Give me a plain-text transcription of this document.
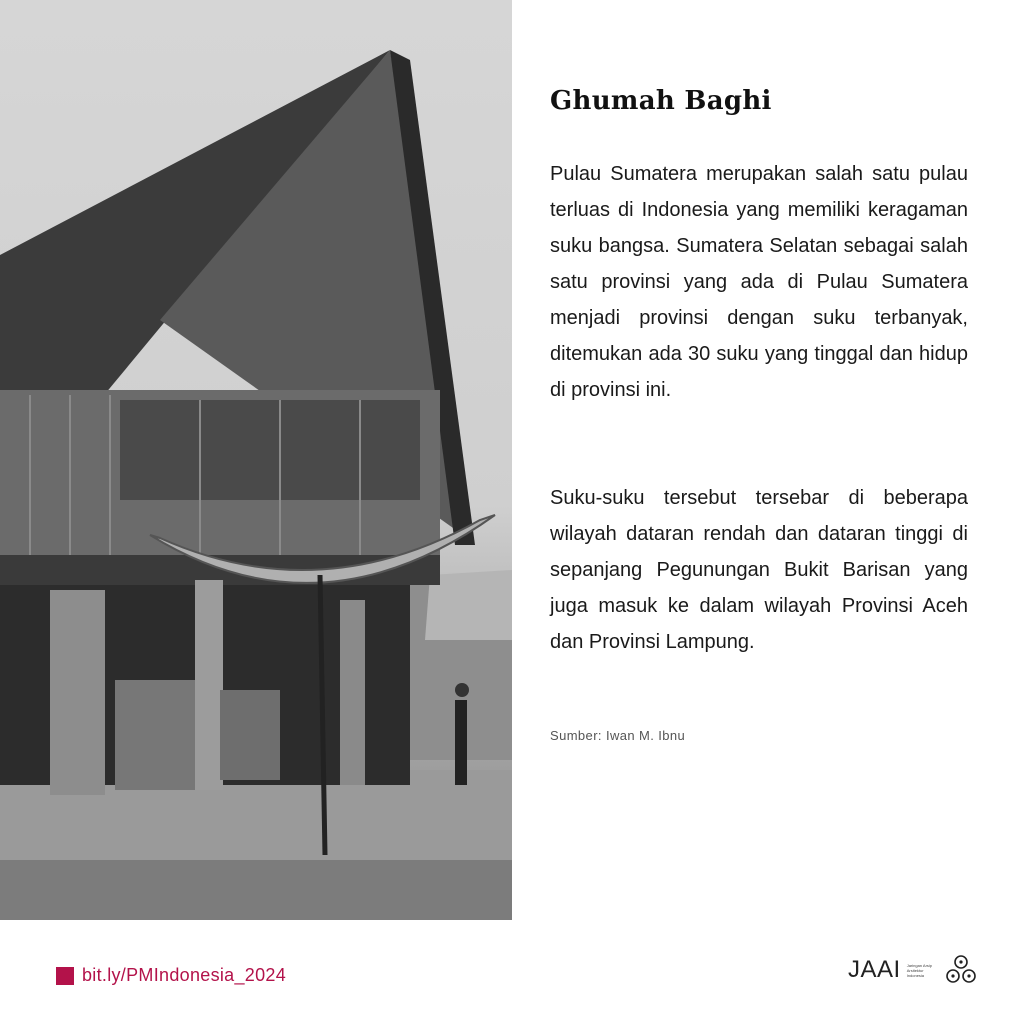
Ghumah Baghi
Pulau Sumatera merupakan salah satu pulau terluas di Indonesia yang memiliki keragaman suku bangsa. Sumatera Selatan sebagai salah satu provinsi yang ada di Pulau Sumatera menjadi provinsi dengan suku terbanyak, ditemukan ada 30 suku yang tinggal dan hidup di provinsi ini.
Suku-suku tersebut tersebar di beberapa wilayah dataran rendah dan dataran tinggi di sepanjang Pegunungan Bukit Barisan yang juga masuk ke dalam wilayah Provinsi Aceh dan Provinsi Lampung.
Sumber: Iwan M. Ibnu
bit.ly/PMIndonesia_2024	JAAI Jaringan Arsip Arsitektur Indonesia
